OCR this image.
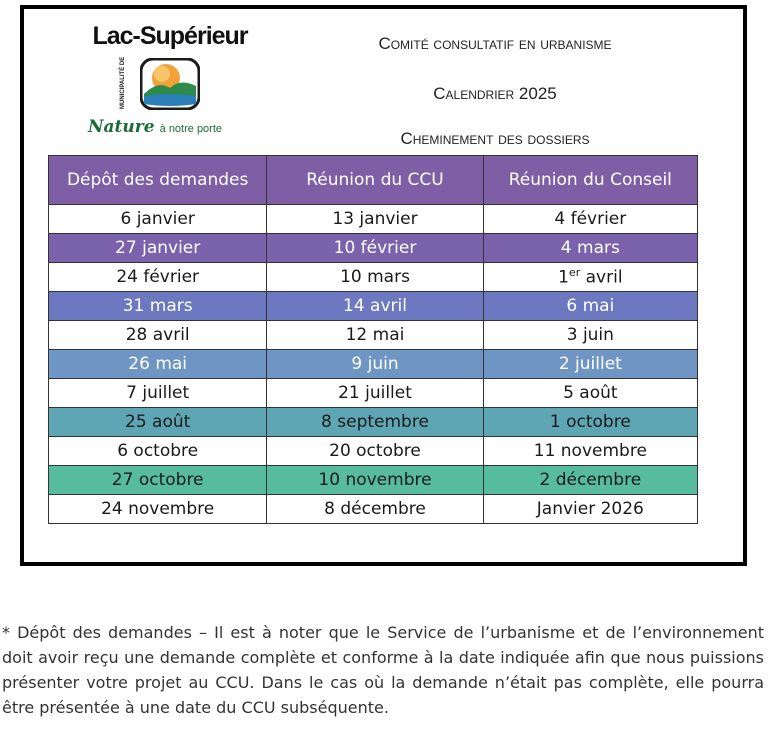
Lac-Supérieur
MUNICIPALITÉ DE
Nature à notre porte
Comité consultatif en urbanisme
Calendrier 2025
Cheminement des dossiers
Dépôt des demandes	Réunion du CCU	Réunion du Conseil
6 janvier	13 janvier	4 février
27 janvier	10 février	4 mars
24 février	10 mars	1er avril
31 mars	14 avril	6 mai
28 avril	12 mai	3 juin
26 mai	9 juin	2 juillet
7 juillet	21 juillet	5 août
25 août	8 septembre	1 octobre
6 octobre	20 octobre	11 novembre
27 octobre	10 novembre	2 décembre
24 novembre	8 décembre	Janvier 2026
* Dépôt des demandes – Il est à noter que le Service de l’urbanisme et de l’environnement doit avoir reçu une demande complète et conforme à la date indiquée afin que nous puissions présenter votre projet au CCU. Dans le cas où la demande n’était pas complète, elle pourra être présentée à une date du CCU subséquente.
